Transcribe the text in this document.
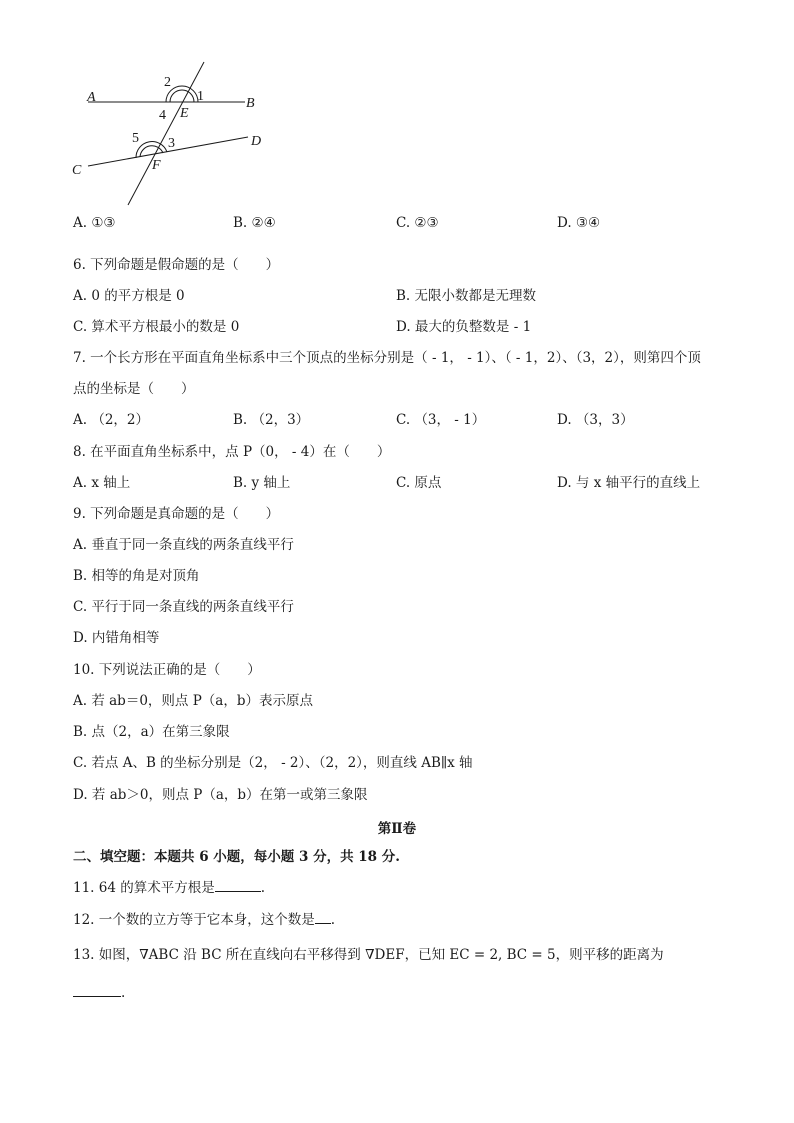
A	B
C
D
E
F
1
2
3
4
5
A. ①③	B. ②④	C. ②③	D. ③④
6. 下列命题是假命题的是（　　）
A. 0 的平方根是 0	B. 无限小数都是无理数
C. 算术平方根最小的数是 0	D. 最大的负整数是 - 1
7. 一个长方形在平面直角坐标系中三个顶点的坐标分别是（ - 1， - 1）、（ - 1，2）、（3，2），则第四个顶
点的坐标是（　　）
A. （2，2）	B. （2，3）	C. （3， - 1）	D. （3，3）
8. 在平面直角坐标系中，点 P（0， - 4）在（　　）
A. x 轴上	B. y 轴上	C. 原点	D. 与 x 轴平行的直线上
9. 下列命题是真命题的是（　　）
A. 垂直于同一条直线的两条直线平行
B. 相等的角是对顶角
C. 平行于同一条直线的两条直线平行
D. 内错角相等
10. 下列说法正确的是（　　）
A. 若 ab＝0，则点 P（a，b）表示原点
B. 点（2，a）在第三象限
C. 若点 A、B 的坐标分别是（2， - 2）、（2，2），则直线 AB∥x 轴
D. 若 ab＞0，则点 P（a，b）在第一或第三象限
第Ⅱ卷
二、填空题：本题共 6 小题，每小题 3 分，共 18 分.
11. 64 的算术平方根是	.
12. 一个数的立方等于它本身，这个数是 .
13. 如图，∇ABC 沿 BC 所在直线向右平移得到 ∇DEF，已知 EC = 2, BC = 5，则平移的距离为
.
